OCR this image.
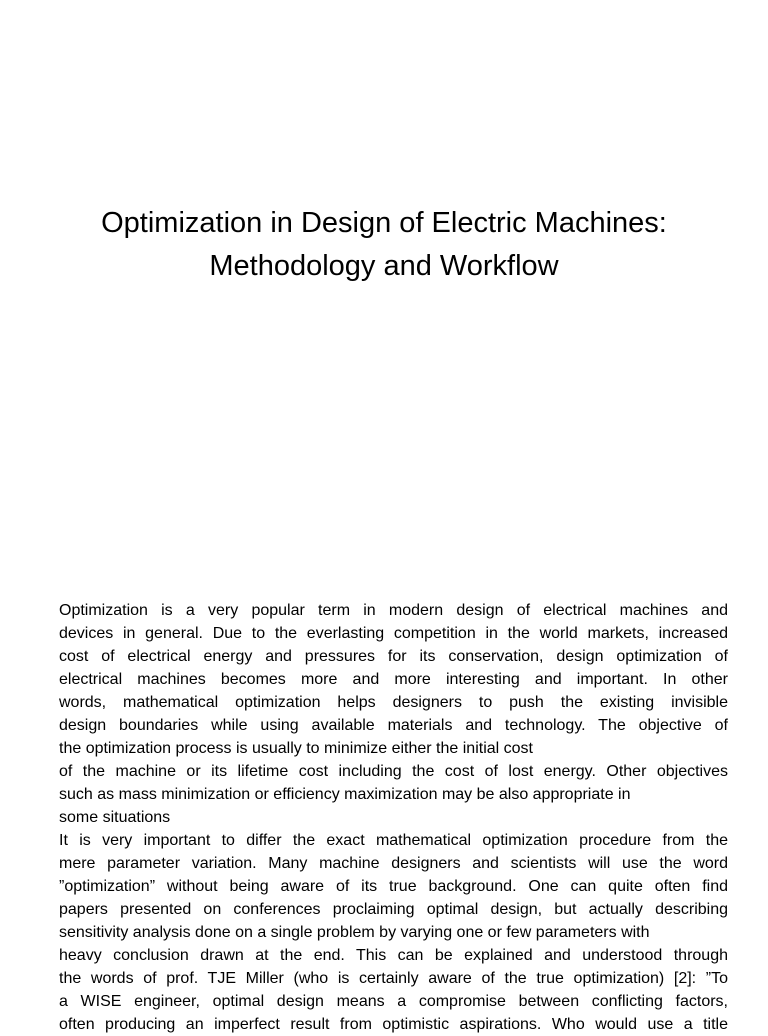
Optimization in Design of Electric Machines:
Methodology and Workflow
Optimization is a very popular term in modern design of electrical machines and
devices in general. Due to the everlasting competition in the world markets, increased
cost of electrical energy and pressures for its conservation, design optimization of
electrical machines becomes more and more interesting and important. In other
words, mathematical optimization helps designers to push the existing invisible
design boundaries while using available materials and technology. The objective of
the optimization process is usually to minimize either the initial cost
of the machine or its lifetime cost including the cost of lost energy. Other objectives
such as mass minimization or efficiency maximization may be also appropriate in
some situations
It is very important to differ the exact mathematical optimization procedure from the
mere parameter variation. Many machine designers and scientists will use the word
”optimization” without being aware of its true background. One can quite often find
papers presented on conferences proclaiming optimal design, but actually describing
sensitivity analysis done on a single problem by varying one or few parameters with
heavy conclusion drawn at the end. This can be explained and understood through
the words of prof. TJE Miller (who is certainly aware of the true optimization) [2]: ”To
a WISE engineer, optimal design means a compromise between conflicting factors,
often producing an imperfect result from optimistic aspirations. Who would use a title
